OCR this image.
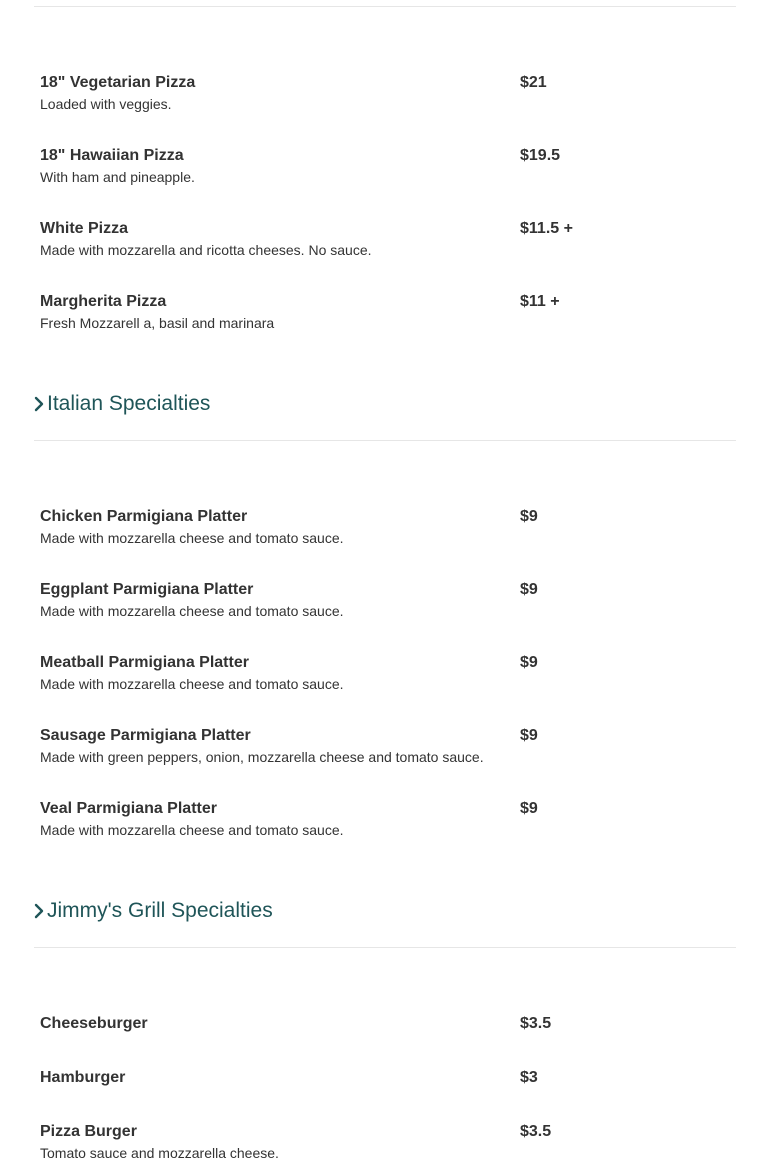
18" Vegetarian Pizza	$21
Loaded with veggies.
18" Hawaiian Pizza	$19.5
With ham and pineapple.
White Pizza	$11.5 +
Made with mozzarella and ricotta cheeses. No sauce.
Margherita Pizza	$11 +
Fresh Mozzarell a, basil and marinara
Italian Specialties
Chicken Parmigiana Platter	$9
Made with mozzarella cheese and tomato sauce.
Eggplant Parmigiana Platter	$9
Made with mozzarella cheese and tomato sauce.
Meatball Parmigiana Platter	$9
Made with mozzarella cheese and tomato sauce.
Sausage Parmigiana Platter	$9
Made with green peppers, onion, mozzarella cheese and tomato sauce.
Veal Parmigiana Platter	$9
Made with mozzarella cheese and tomato sauce.
Jimmy's Grill Specialties
Cheeseburger	$3.5
Hamburger	$3
Pizza Burger	$3.5
Tomato sauce and mozzarella cheese.
